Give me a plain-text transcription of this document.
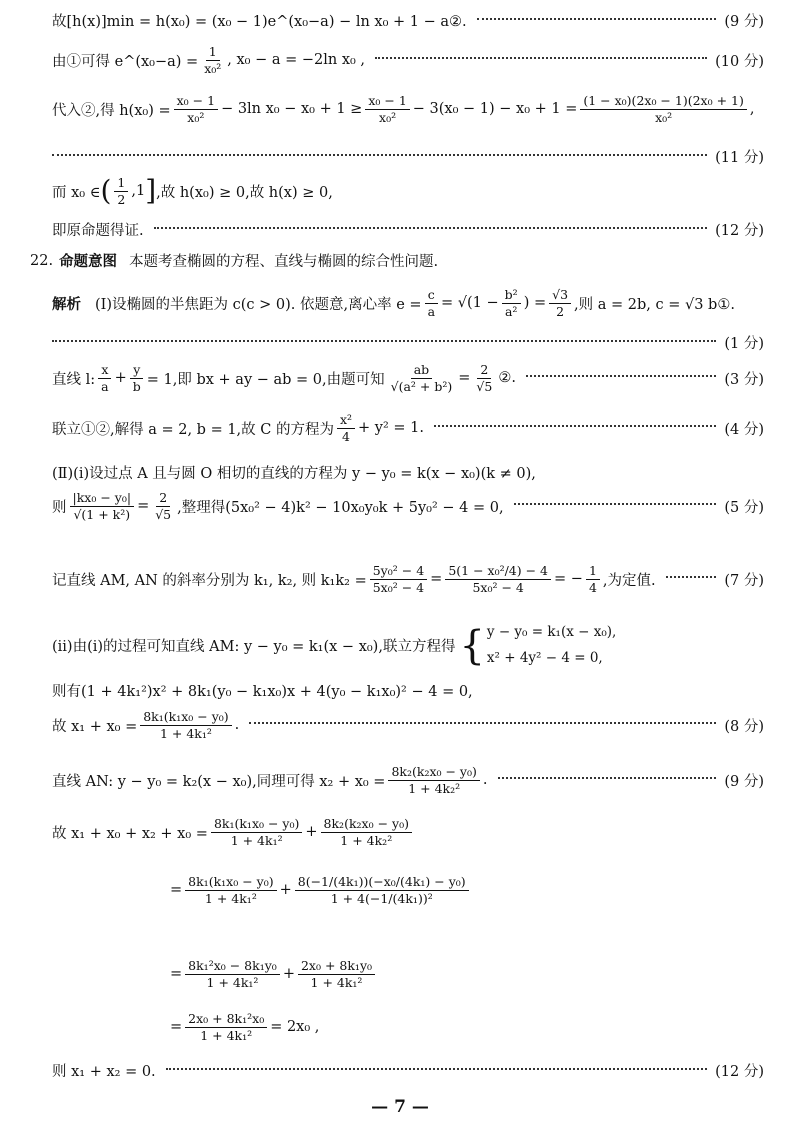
故[h(x)]min = h(x₀) = (x₀ − 1)e^(x₀−a) − ln x₀ + 1 − a②.	(9 分)
由①可得 e^(x₀−a) = $\frac{1}{\text{x₀²}}$ , x₀ − a = −2ln x₀ ,	(10 分)
代入②,得 $h(x_0) = \frac{\text{x₀ − 1}}{\text{x₀²}} - 3\ln$ $x_0 - x_0 + 1 \ge \frac{\text{x₀ − 1}}{\text{x₀²}} - 3(x_0 - 1) - x_0 + 1 = \frac{\text{(1 − x₀)(2x₀ − 1)(2x₀ + 1)}}{\text{x₀²}}$ ,
(11 分)
而 x₀ ∈ ( $\frac{1}{2} ,1$ ] ,故 h(x₀) ≥ 0,故 h(x) ≥ 0,
即原命题得证.	(12 分)
22. 命题意图 本题考查椭圆的方程、直线与椭圆的综合性问题.
解析 (Ⅰ)设椭圆的半焦距为 c(c > 0). 依题意,离心率 $e = \frac{c}{a} = √(1 - \frac{\text{b²}}{\text{a²}}$ ) = $\frac{√3}{2}$ ,则 a = 2b, c = √3 b①.
(1 分)
直线 l: $\frac{x}{a} + \frac{y}{b} = 1$,即 bx + ay − ab = 0,由题可知 $\frac{ab}{\text{√(a² + b²)}} = \frac{2}{√5}$ ②.	(3 分)
联立①②,解得 a = 2, b = 1,故 C 的方程为 $\frac{\text{x²}}{4} + y^2 = 1$.	(4 分)
(Ⅱ)(ⅰ)设过点 A 且与圆 O 相切的直线的方程为 y − y₀ = k(x − x₀)(k ≠ 0),
则 $\frac{\text{|kx₀ − y₀|}}{\text{√(1 + k²)}} = \frac{2}{√5}$ ,整理得(5x₀² − 4)k² − 10x₀y₀k + 5y₀² − 4 = 0,	(5 分)
记直线 AM, AN 的斜率分别为 k₁, k₂, 则 $k_1k_2 = \frac{\text{5y₀² − 4}}{\text{5x₀² − 4}} = \frac{\text{5(1 − x₀²/4) − 4}}{\text{5x₀² − 4}}$ = − $\frac{1}{4}$ ,为定值.	(7 分)
(ⅱ)由(ⅰ)的过程可知直线 AM: y − y₀ = k₁(x − x₀),联立方程得 { y − y₀ = k₁(x − x₀),
x² + 4y² − 4 = 0,
则有(1 + 4k₁²)x² + 8k₁(y₀ − k₁x₀)x + 4(y₀ − k₁x₀)² − 4 = 0,
故 $x_1 + x_0 = \frac{\text{8k₁(k₁x₀ − y₀)}}{\text{1 + 4k₁²}}$ .	(8 分)
直线 AN: y − y₀ = k₂(x − x₀),同理可得 $x_2 + x_0 = \frac{\text{8k₂(k₂x₀ − y₀)}}{\text{1 + 4k₂²}}$ .	(9 分)
故 $x_1 + x_0 + x_2 + x_0 = \frac{\text{8k₁(k₁x₀ − y₀)}}{\text{1 + 4k₁²}} + \frac{\text{8k₂(k₂x₀ − y₀)}}{\text{1 + 4k₂²}}$
= $\frac{\text{8k₁(k₁x₀ − y₀)}}{\text{1 + 4k₁²}} + \frac{\text{8(−1/(4k₁))(−x₀/(4k₁) − y₀)}}{\text{1 + 4(−1/(4k₁))²}}$
= $\frac{\text{8k₁²x₀ − 8k₁y₀}}{\text{1 + 4k₁²}} + \frac{\text{2x₀ + 8k₁y₀}}{\text{1 + 4k₁²}}$
= $\frac{\text{2x₀ + 8k₁²x₀}}{\text{1 + 4k₁²}} = 2x_0$ ,
则 x₁ + x₂ = 0.	(12 分)
— 7 —
